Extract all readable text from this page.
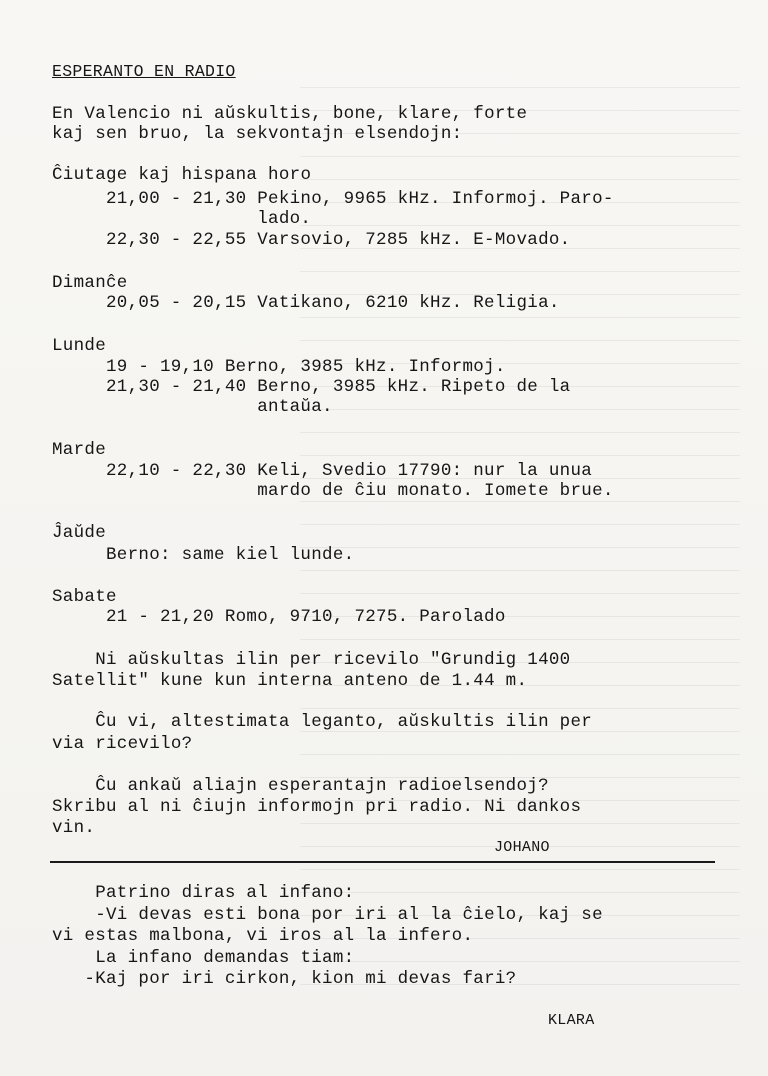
ESPERANTO EN RADIO
En Valencio ni aŭskultis, bone, klare, forte
kaj sen bruo, la sekvontajn elsendojn:
Ĉiutage kaj hispana horo
21,00 - 21,30 Pekino, 9965 kHz. Informoj. Paro-
lado.
22,30 - 22,55 Varsovio, 7285 kHz. E-Movado.
Dimanĉe
20,05 - 20,15 Vatikano, 6210 kHz. Religia.
Lunde
19 - 19,10 Berno, 3985 kHz. Informoj.
21,30 - 21,40 Berno, 3985 kHz. Ripeto de la
antaŭa.
Marde
22,10 - 22,30 Keli, Svedio 17790: nur la unua
mardo de ĉiu monato. Iomete brue.
Ĵaŭde
Berno: same kiel lunde.
Sabate
21 - 21,20 Romo, 9710, 7275. Parolado
Ni aŭskultas ilin per ricevilo "Grundig 1400
Satellit" kune kun interna anteno de 1.44 m.
Ĉu vi, altestimata leganto, aŭskultis ilin per
via ricevilo?
Ĉu ankaŭ aliajn esperantajn radioelsendoj?
Skribu al ni ĉiujn informojn pri radio. Ni dankos
vin.
JOHANO
Patrino diras al infano:
-Vi devas esti bona por iri al la ĉielo, kaj se
vi estas malbona, vi iros al la infero.
La infano demandas tiam:
-Kaj por iri cirkon, kion mi devas fari?
KLARA
